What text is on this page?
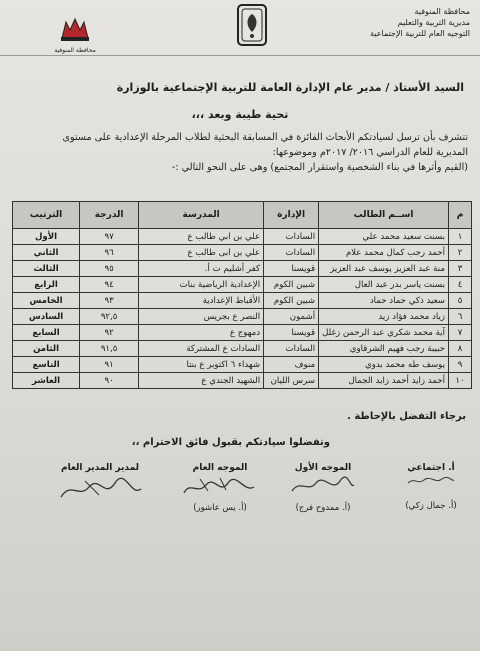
محافظة المنوفية
مديرية التربية والتعليم
التوجيه العام للتربية الإجتماعية
محافظة المنوفية
السيد الأستاذ / مدير عام الإدارة العامة للتربية الإجتماعية بالوزارة
تحية طيبة وبعد ،،،
تتشرف بأن ترسل لسيادتكم الأبحاث الفائزة في المسابقة البحثية لطلاب المرحلة الإعدادية على مستوى
المديرية للعام الدراسي ٢٠١٦/ ٢٠١٧م وموضوعها:
(القيم وأثرها في بناء الشخصية واستقرار المجتمع) وهى على النحو التالي :-
م	اســم الطالب	الإدارة	المدرسة	الدرجة	الترتيب
١	بسنت سعيد محمد علي	السادات	علي بن ابي طالب ع	٩٧	الأول
٢	أحمد رجب كمال محمد علام	السادات	علي بن ابى طالب ع	٩٦	الثاني
٣	منة عبد العزيز يوسف عبد العزيز	قويسنا	كفر أشليم ت أ.	٩٥	الثالث
٤	بسنت ياسر بدر عبد العال	شبين الكوم	الإعدادية الرياضية بنات	٩٤	الرابع
٥	سعيد ذكي حماد حماد	شبين الكوم	الأقباط الإعدادية	٩٣	الخامس
٦	زياد محمد فؤاد زيد	أشمون	النصر ع بجريس	٩٢,٥	السادس
٧	آية محمد شكري عبد الرحمن زغلل	قويسنا	دمهوج ع	٩٢	السابع
٨	حبيبة رجب فهيم الشرقاوي	السادات	السادات ع المشتركة	٩١,٥	الثامن
٩	يوسف طه محمد بدوي	منوف	شهداء ٦ اكتوبر ع بنتا	٩١	التاسع
١٠	أحمد زايد أحمد زايد الجمال	سرس الليان	الشهيد الجندي ع	٩٠	العاشر
برجاء التفضل بالإحاطة .
وتفضلوا سيادتكم بقبول فائق الاحترام ،،
أ. اجتماعي
(أ. جمال زكي)
الموجه الأول
(أ. ممدوح فرج)
الموجه العام
(أ. يس عاشور)
لمدير المدير العام
